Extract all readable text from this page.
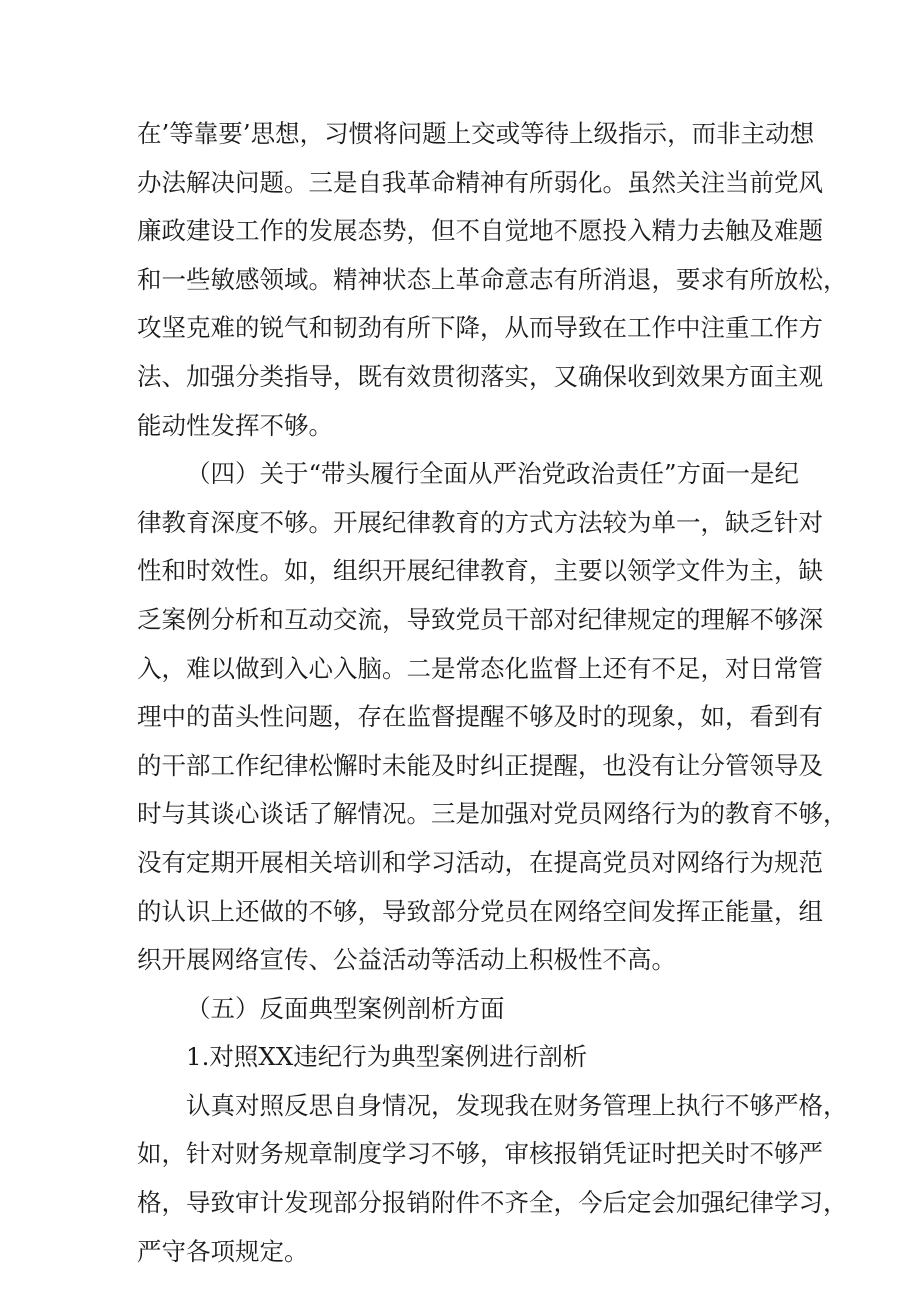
在’等靠要’思想，习惯将问题上交或等待上级指示，而非主动想
办法解决问题。三是自我革命精神有所弱化。虽然关注当前党风
廉政建设工作的发展态势，但不自觉地不愿投入精力去触及难题
和一些敏感领域。精神状态上革命意志有所消退，要求有所放松，
攻坚克难的锐气和韧劲有所下降，从而导致在工作中注重工作方
法、加强分类指导，既有效贯彻落实，又确保收到效果方面主观
能动性发挥不够。
（四）关于“带头履行全面从严治党政治责任”方面一是纪
律教育深度不够。开展纪律教育的方式方法较为单一，缺乏针对
性和时效性。如，组织开展纪律教育，主要以领学文件为主，缺
乏案例分析和互动交流，导致党员干部对纪律规定的理解不够深
入，难以做到入心入脑。二是常态化监督上还有不足，对日常管
理中的苗头性问题，存在监督提醒不够及时的现象，如，看到有
的干部工作纪律松懈时未能及时纠正提醒，也没有让分管领导及
时与其谈心谈话了解情况。三是加强对党员网络行为的教育不够，
没有定期开展相关培训和学习活动，在提高党员对网络行为规范
的认识上还做的不够，导致部分党员在网络空间发挥正能量，组
织开展网络宣传、公益活动等活动上积极性不高。
（五）反面典型案例剖析方面
1.对照XX违纪行为典型案例进行剖析
认真对照反思自身情况，发现我在财务管理上执行不够严格，
如，针对财务规章制度学习不够，审核报销凭证时把关时不够严
格，导致审计发现部分报销附件不齐全，今后定会加强纪律学习，
严守各项规定。
